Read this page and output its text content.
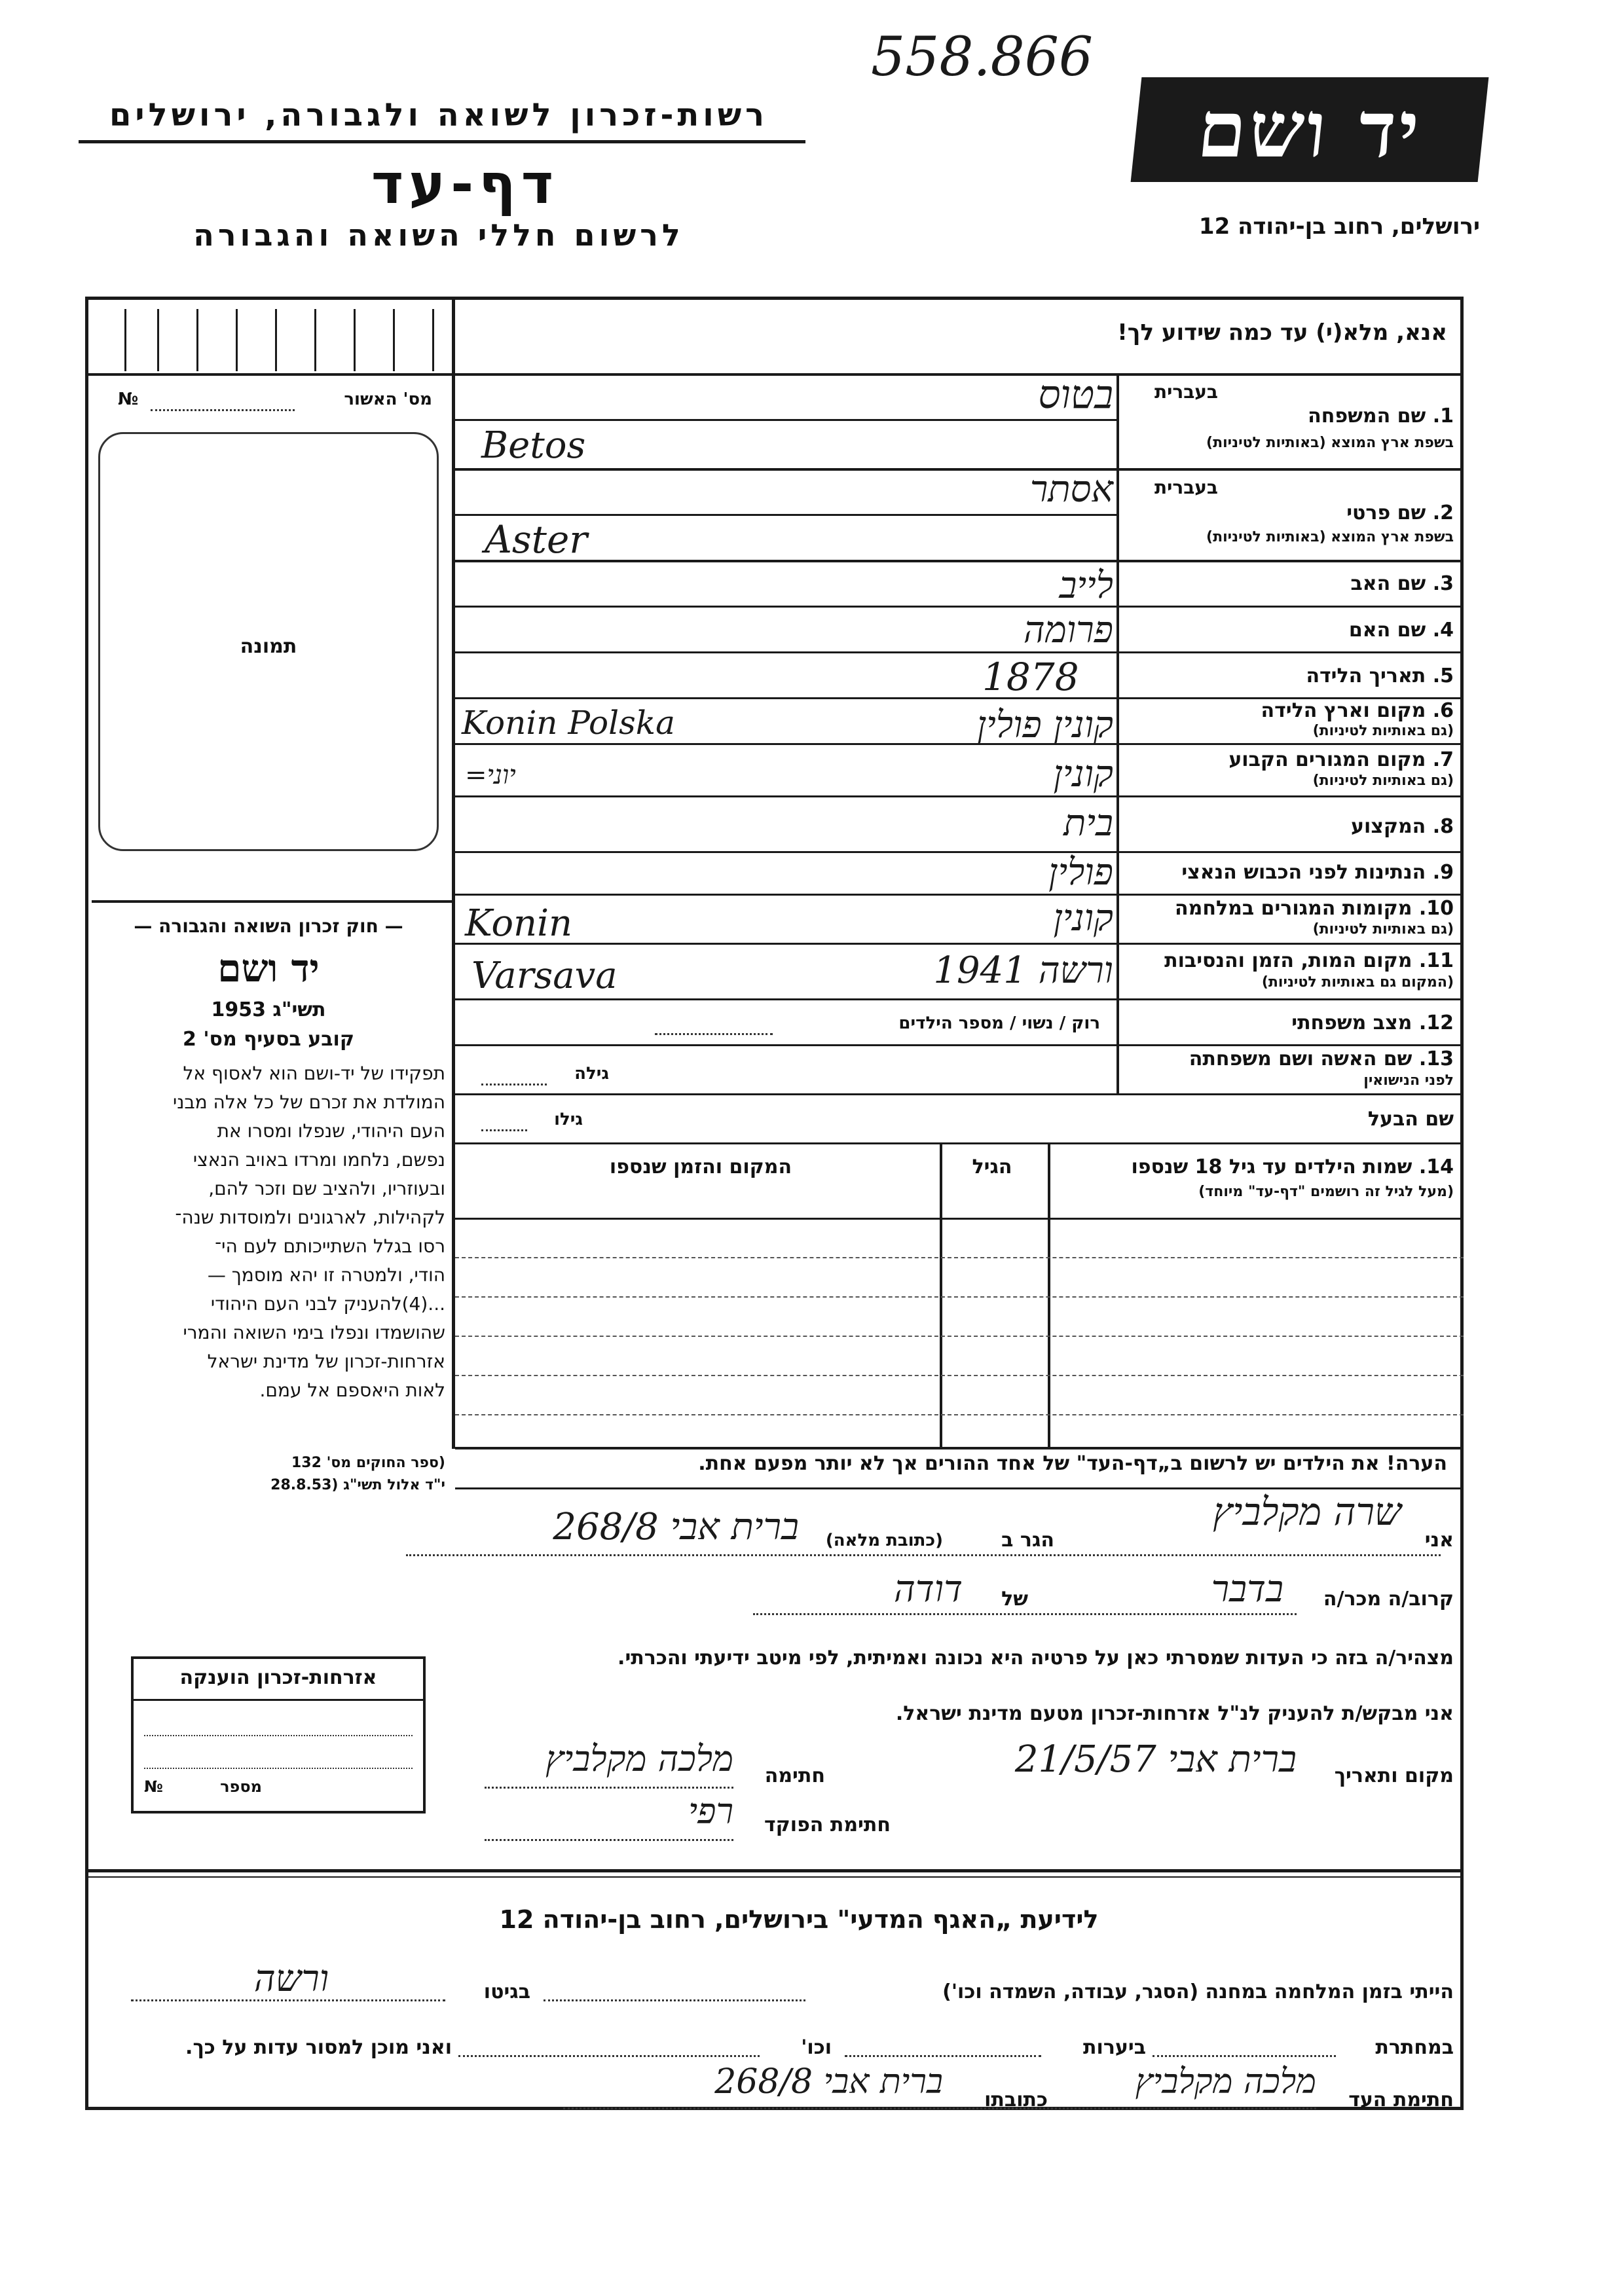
558.866
יד ושם
רשות-זכרון לשואה ולגבורה, ירושלים
דף-עד
לרשום חללי השואה והגבורה	ירושלים, רחוב בן-יהודה 12
אנא, מלא(י) עד כמה שידוע לך!
מס' האשור
№
תמונה
— חוק זכרון השואה והגבורה —
יד ושם
תשי"ג 1953
קובע בסעיף מס' 2
תפקידו של יד-ושם הוא לאסוף אל
המולדת את זכרם של כל אלה מבני
העם היהודי, שנפלו ומסרו את
נפשם, נלחמו ומרדו באויב הנאצי
ובעוזריו, ולהציב שם וזכר להם,
לקהילות, לארגונים ולמוסדות שנה־
רסו בגלל השתייכותם לעם הי־
הודי, ולמטרה זו יהא מוסמך —
...(4)להעניק לבני העם היהודי
שהושמדו ונפלו בימי השואה והמרי
אזרחות-זכרון של מדינת ישראל
לאות היאספם אל עמם.
(ספר החוקים מס' 132
י"ד אלול תשי"ג (28.8.53
בעברית
1. שם המשפחה
בשפת ארץ המוצא (באותיות לטיניות)
בטוס
Betos
בעברית
2. שם פרטי
בשפת ארץ המוצא (באותיות לטיניות)
אסתר
Aster
3. שם האב
לייב
4. שם האם
פרומה
5. תאריך הלידה
1878
6. מקום וארץ הלידה
(גם באותיות לטיניות)
קונין פולין
Konin Polska
7. מקום המגורים הקבוע
(גם באותיות לטיניות)
קונין
=יוני
8. המקצוע
בית
9. הנתינות לפני הכבוש הנאצי
פולין
10. מקומות המגורים במלחמה
(גם באותיות לטיניות)
קונין
Konin
11. מקום המות, הזמן והנסיבות
(המקום גם באותיות לטיניות)
ורשה 1941
Varsava
12. מצב משפחתי
רוק / נשוי / מספר הילדים
13. שם האשה ושם משפחתה
לפני הנישואין
גילה
שם הבעל
גילו
14. שמות הילדים עד גיל 18 שנספו
(מעל לגיל זה רושמים "דף-עד" מיוחד)
הגיל
המקום והזמן שנספו
הערה! את הילדים יש לרשום ב„דף-העד" של אחד ההורים אך לא יותר מפעם אחת.
אני
שרה מקלביץ
הגר ב
(כתובת מלאה)
ברית אבי 268/8
קרוב/ה מכר/ה
בדבר
של
דודה
מצהיר/ה בזה כי העדות שמסרתי כאן על פרטיה היא נכונה ואמיתית, לפי מיטב ידיעתי והכרתי.
אני מבקש/ת להעניק לנ"ל אזרחות-זכרון מטעם מדינת ישראל.
מקום ותאריך
ברית אבי 21/5/57
חתימה
מלכה מקלביץ
חתימת הפוקד
רפי
אזרחות-זכרון הוענקה
מספר
№
לידיעת „האגף המדעי" בירושלים, רחוב בן-יהודה 12
הייתי בזמן המלחמה במחנה (הסגר, עבודה, השמדה וכו')
בגיטו
ורשה
במחתרת
ביערות
וכו'
ואני מוכן למסור עדות על כך.
חתימת העד
מלכה מקלביץ
כתובתו
ברית אבי 268/8
